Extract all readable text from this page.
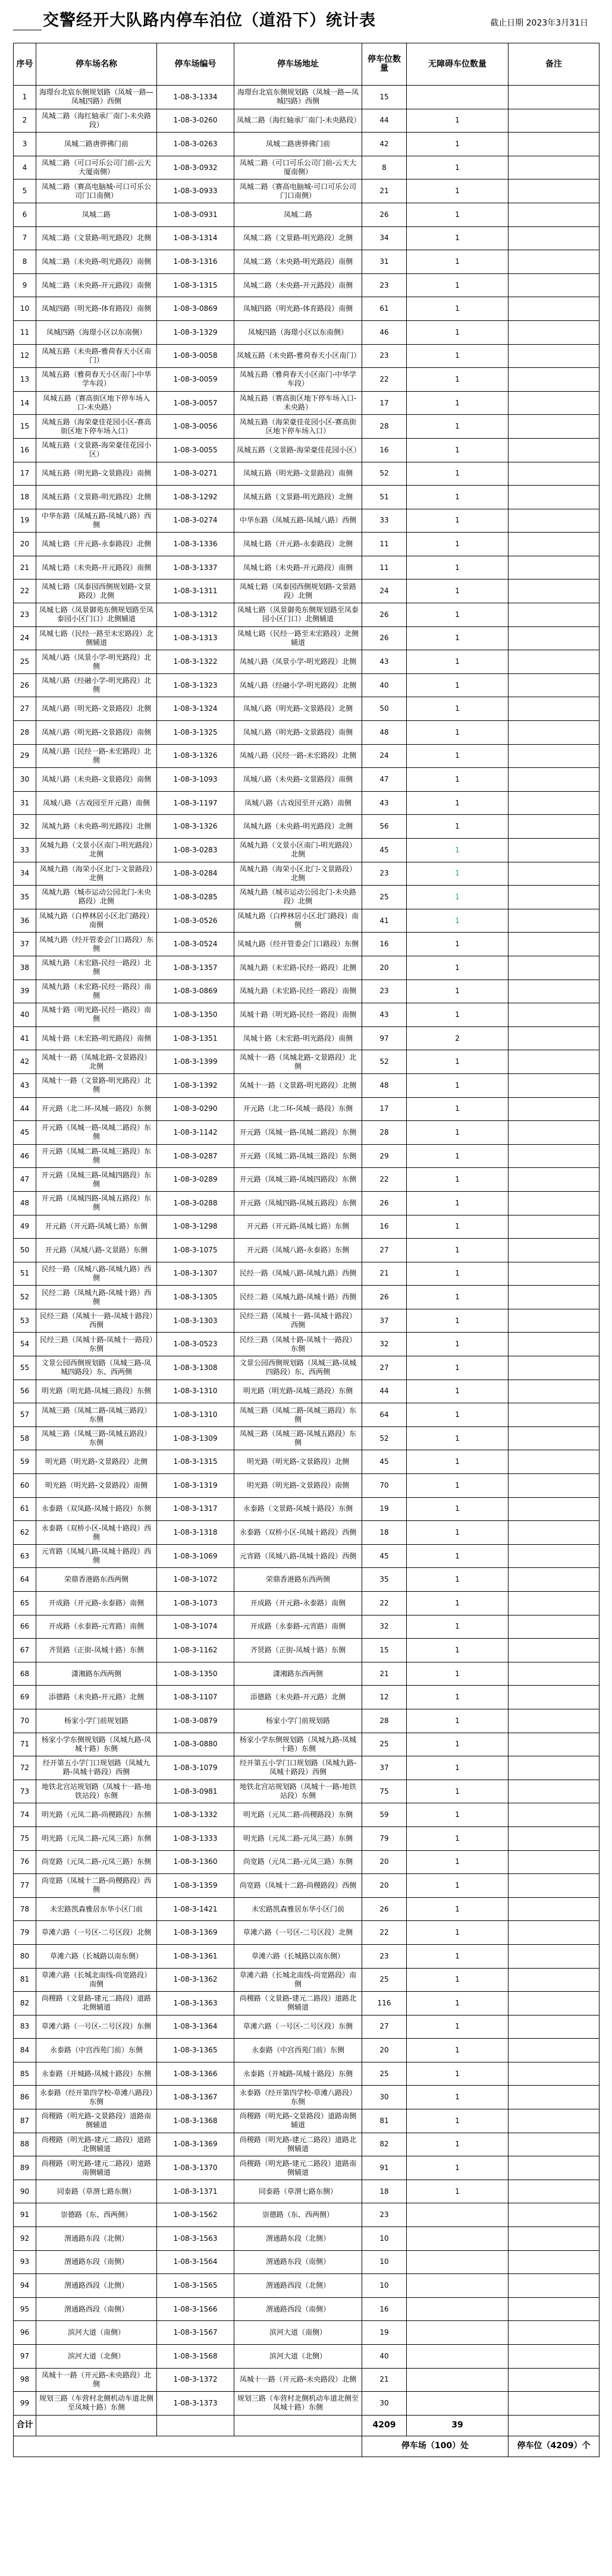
交警经开大队路内停车泊位（道沿下）统计表	截止日期 2023年3月31日
序号	停车场名称	停车场编号	停车场地址	停车位数量	无障碍车位数量	备注
1	海璟台北宸东侧规划路（凤城一路—凤城四路）西侧	1-08-3-1334	海璟台北宸东侧规划路（凤城一路—凤城四路）西侧	15		
2	凤城二路（海红轴承厂南门-未央路段）	1-08-3-0260	凤城二路（海红轴承厂南门-未央路段）	44	1	
3	凤城二路唐骅佛门前	1-08-3-0263	凤城二路唐骅佛门前	42	1	
4	凤城二路（可口可乐公司门前-云天大厦南侧）	1-08-3-0932	凤城二路（可口可乐公司门前-云天大厦南侧）	8	1	
5	凤城二路（赛高电脑城-可口可乐公司门口南侧）	1-08-3-0933	凤城二路（赛高电脑城-可口可乐公司门口南侧）	21	1	
6	凤城二路	1-08-3-0931	凤城二路	26	1	
7	凤城二路（文景路-明光路段）北侧	1-08-3-1314	凤城二路（文景路-明光路段）北侧	34	1	
8	凤城二路（未央路-明光路段）南侧	1-08-3-1316	凤城二路（未央路-明光路段）南侧	31	1	
9	凤城二路（未央路-开元路段）南侧	1-08-3-1315	凤城二路（未央路-开元路段）南侧	23	1	
10	凤城四路（明光路-体育路段）南侧	1-08-3-0869	凤城四路（明光路-体育路段）南侧	61	1	
11	凤城四路（海璟小区以东南侧）	1-08-3-1329	凤城四路（海璟小区以东南侧）	46	1	
12	凤城五路（未央路-雅荷春天小区南门）	1-08-3-0058	凤城五路（未央路-雅荷春天小区南门）	23	1	
13	凤城五路（雅荷春天小区南门-中华学车段）	1-08-3-0059	凤城五路（雅荷春天小区南门-中华学车段）	22	1	
14	凤城五路（赛高街区地下停车场入口-未央路）	1-08-3-0057	凤城五路（赛高街区地下停车场入口-未央路）	17	1	
15	凤城五路（海荣豪佳花园小区-赛高街区地下停车场入口）	1-08-3-0056	凤城五路（海荣豪佳花园小区-赛高街区地下停车场入口）	28	1	
16	凤城五路（文景路-海荣豪佳花园小区）	1-08-3-0055	凤城五路（文景路-海荣豪佳花园小区）	16	1	
17	凤城五路（明光路-文景路段）南侧	1-08-3-0271	凤城五路（明光路-文景路段）南侧	52	1	
18	凤城五路（文景路-明光路段）北侧	1-08-3-1292	凤城五路（文景路-明光路段）北侧	51	1	
19	中华东路（凤城五路-凤城八路）西侧	1-08-3-0274	中华东路（凤城五路-凤城八路）西侧	33	1	
20	凤城七路（开元路-永泰路段）北侧	1-08-3-1336	凤城七路（开元路-永泰路段）北侧	11	1	
21	凤城七路（未央路-开元路段）南侧	1-08-3-1337	凤城七路（未央路-开元路段）南侧	11	1	
22	凤城七路（凤泰园西侧规划路-文景路段）北侧	1-08-3-1311	凤城七路（凤泰园西侧规划路-文景路段）北侧	24	1	
23	凤城七路（凤景御苑东侧规划路至凤泰园小区门口）北侧辅道	1-08-3-1312	凤城七路（凤景御苑东侧规划路至凤泰园小区门口）北侧辅道	26	1	
24	凤城七路（民经一路至未宏路段）北侧辅道	1-08-3-1313	凤城七路（民经一路至未宏路段）北侧辅道	26	1	
25	凤城八路（凤景小学-明光路段）北侧	1-08-3-1322	凤城八路（凤景小学-明光路段）北侧	43	1	
26	凤城八路（经融小学-明光路段）北侧	1-08-3-1323	凤城八路（经融小学-明光路段）北侧	40	1	
27	凤城八路（明光路-文景路段）北侧	1-08-3-1324	凤城八路（明光路-文景路段）北侧	50	1	
28	凤城八路（明光路-文景路段）南侧	1-08-3-1325	凤城八路（明光路-文景路段）南侧	48	1	
29	凤城八路（民经一路-未宏路段）北侧	1-08-3-1326	凤城八路（民经一路-未宏路段）北侧	24	1	
30	凤城八路（未央路-文景路段）南侧	1-08-3-1093	凤城八路（未央路-文景路段）南侧	47	1	
31	凤城八路（古戏园至开元路）南侧	1-08-3-1197	凤城八路（古戏园至开元路）南侧	43	1	
32	凤城九路（未央路-明光路段）北侧	1-08-3-1326	凤城九路（未央路-明光路段）北侧	56	1	
33	凤城九路（文景小区南门-明光路段）北侧	1-08-3-0283	凤城九路（文景小区南门-明光路段）北侧	45	1	
34	凤城九路（海荣小区北门-文景路段）北侧	1-08-3-0284	凤城九路（海荣小区北门-文景路段）北侧	23	1	
35	凤城九路（城市运动公园北门-未央路段）北侧	1-08-3-0285	凤城九路（城市运动公园北门-未央路段）北侧	25	1	
36	凤城九路（白桦林居小区北门路段）南侧	1-08-3-0526	凤城九路（白桦林居小区北门路段）南侧	41	1	
37	凤城九路（经开管委会门口路段）东侧	1-08-3-0524	凤城九路（经开管委会门口路段）东侧	16	1	
38	凤城九路（未宏路-民经一路段）北侧	1-08-3-1357	凤城九路（未宏路-民经一路段）北侧	20	1	
39	凤城九路（未宏路-民经一路段）南侧	1-08-3-0869	凤城九路（未宏路-民经一路段）南侧	23	1	
40	凤城十路（明光路-民经一路段）南侧	1-08-3-1350	凤城十路（明光路-民经一路段）南侧	43	1	
41	凤城十路（未宏路-明光路段）南侧	1-08-3-1351	凤城十路（未宏路-明光路段）南侧	97	2	
42	凤城十一路（凤城北路-文景路段）北侧	1-08-3-1399	凤城十一路（凤城北路-文景路段）北侧	52	1	
43	凤城十一路（文景路-明光路段）北侧	1-08-3-1392	凤城十一路（文景路-明光路段）北侧	48	1	
44	开元路（北二环-凤城一路段）东侧	1-08-3-0290	开元路（北二环-凤城一路段）东侧	17	1	
45	开元路（凤城一路-凤城二路段）东侧	1-08-3-1142	开元路（凤城一路-凤城二路段）东侧	28	1	
46	开元路（凤城二路-凤城三路段）东侧	1-08-3-0287	开元路（凤城二路-凤城三路段）东侧	29	1	
47	开元路（凤城三路-凤城四路段）东侧	1-08-3-0289	开元路（凤城三路-凤城四路段）东侧	22	1	
48	开元路（凤城四路-凤城五路段）东侧	1-08-3-0288	开元路（凤城四路-凤城五路段）东侧	26	1	
49	开元路（开元路-凤城七路）东侧	1-08-3-1298	开元路（开元路-凤城七路）东侧	16	1	
50	开元路（凤城八路-文景路）东侧	1-08-3-1075	开元路（凤城八路-永泰路）东侧	27	1	
51	民经一路（凤城八路-凤城九路）西侧	1-08-3-1307	民经一路（凤城八路-凤城九路）西侧	21	1	
52	民经二路（凤城九路-凤城十路）西侧	1-08-3-1305	民经二路（凤城九路-凤城十路）西侧	26	1	
53	民经三路（凤城十一路-凤城十路段）西侧	1-08-3-1303	民经三路（凤城十一路-凤城十路段）西侧	37	1	
54	民经三路（凤城十路-凤城十一路段）东侧	1-08-3-0523	民经三路（凤城十路-凤城十一路段）东侧	32	1	
55	文景公园西侧规划路（凤城三路-凤城四路段）东、西两侧	1-08-3-1308	文景公园西侧规划路（凤城三路-凤城四路段）东、西两侧	27	1	
56	明光路（明光路-凤城三路段）东侧	1-08-3-1310	明光路（明光路-凤城三路段）东侧	44	1	
57	凤城三路（凤城二路-凤城三路段）东侧	1-08-3-1310	凤城三路（凤城二路-凤城三路段）东侧	64	1	
58	凤城三路（凤城三路-凤城五路段）东侧	1-08-3-1309	凤城三路（凤城三路-凤城五路段）东侧	52	1	
59	明光路（明光路-文景路段）北侧	1-08-3-1315	明光路（明光路-文景路段）北侧	45	1	
60	明光路（明光路-文景路段）南侧	1-08-3-1319	明光路（明光路-文景路段）南侧	70	1	
61	永泰路（双凤路-凤城十路段）东侧	1-08-3-1317	永泰路（文景路-凤城十路段）东侧	19	1	
62	永泰路（双桥小区-凤城十路段）西侧	1-08-3-1318	永泰路（双桥小区-凤城十路段）西侧	18	1	
63	元宵路（凤城八路-凤城十路段）西侧	1-08-3-1069	元宵路（凤城八路-凤城十路段）西侧	45	1	
64	荣鼎香港路东西两侧	1-08-3-1072	荣鼎香港路东西两侧	35	1	
65	开成路（开元路-永泰路）南侧	1-08-3-1073	开成路（开元路-永泰路）南侧	22	1	
66	开成路（永泰路-元宵路）南侧	1-08-3-1074	开成路（永泰路-元宵路）南侧	32	1	
67	齐贤路（正街-凤城十路）东侧	1-08-3-1162	齐贤路（正街-凤城十路）东侧	15	1	
68	潇湘路东西两侧	1-08-3-1350	潇湘路东西两侧	21	1	
69	添德路（未央路-开元路）北侧	1-08-3-1107	添德路（未央路-开元路）北侧	12	1	
70	杨家小学门前规划路	1-08-3-0879	杨家小学门前规划路	28	1	
71	杨家小学东侧规划路（凤城九路-凤城十路）东侧	1-08-3-0880	杨家小学东侧规划路（凤城九路-凤城十路）东侧	25	1	
72	经开第五小学门口规划路（凤城九路-凤城十路段）西侧	1-08-3-1079	经开第五小学门口规划路（凤城九路-凤城十路段）西侧	37	1	
73	地铁北宫站规划路（凤城十一路-地铁站段）东侧	1-08-3-0981	地铁北宫站规划路（凤城十一路-地铁站段）东侧	75	1	
74	明光路（元凤二路-尚稷路段）东侧	1-08-3-1332	明光路（元凤二路-尚稷路段）东侧	59	1	
75	明光路（元凤二路-元凤三路）东侧	1-08-3-1333	明光路（元凤二路-元凤三路）东侧	79	1	
76	尚宽路（元凤二路-元凤三路）东侧	1-08-3-1360	尚宽路（元凤二路-元凤三路）东侧	20	1	
77	尚宽路（凤城十二路-尚稷路段）西侧	1-08-3-1359	尚宽路（凤城十二路-尚稷路段）西侧	20	1	
78	未宏路凯森雅居东华小区门前	1-08-3-1421	未宏路凯森雅居东华小区门前	26	1	
79	草滩六路（一号区-二号区段）北侧	1-08-3-1369	草滩六路（一号区-二号区段）北侧	22	1	
80	草滩六路（长城路以南东侧）	1-08-3-1361	草滩六路（长城路以南东侧）	23	1	
81	草滩六路（长城北南线-尚宽路段）南侧	1-08-3-1362	草滩六路（长城北南线-尚宽路段）南侧	25	1	
82	尚稷路（文景路-建元二路段）道路北侧辅道	1-08-3-1363	尚稷路（文景路-建元二路段）道路北侧辅道	116	1	
83	草滩六路（一号区-二号区段）东侧	1-08-3-1364	草滩六路（一号区-二号区段）东侧	27	1	
84	永泰路（中宫西苑门前）东侧	1-08-3-1365	永泰路（中宫西苑门前）东侧	20	1	
85	永泰路（开城路-凤城十路段）东侧	1-08-3-1366	永泰路（开城路-凤城十路段）东侧	25	1	
86	永泰路（经开第四学校-草滩八路段）东侧	1-08-3-1367	永泰路（经开第四学校-草滩八路段）东侧	30	1	
87	尚稷路（明光路-文景路段）道路南侧辅道	1-08-3-1368	尚稷路（明光路-文景路段）道路南侧辅道	81	1	
88	尚稷路（明光路-建元二路段）道路北侧辅道	1-08-3-1369	尚稷路（明光路-建元二路段）道路北侧辅道	82	1	
89	尚稷路（明光路-建元二路段）道路南侧辅道	1-08-3-1370	尚稷路（明光路-建元二路段）道路南侧辅道	91	1	
90	同泰路（草渭七路东侧）	1-08-3-1371	同泰路（草渭七路东侧）	18	1	
91	崇德路（东、西两侧）	1-08-3-1562	崇德路（东、西两侧）	23		
92	渭通路东段（北侧）	1-08-3-1563	渭通路东段（北侧）	10		
93	渭通路东段（南侧）	1-08-3-1564	渭通路东段（南侧）	10		
94	渭通路西段（北侧）	1-08-3-1565	渭通路西段（北侧）	10		
95	渭通路西段（南侧）	1-08-3-1566	渭通路西段（南侧）	16		
96	滨河大道（南侧）	1-08-3-1567	滨河大道（南侧）	19		
97	滨河大道（北侧）	1-08-3-1568	滨河大道（北侧）	40		
98	凤城十一路（开元路-未央路段）北侧	1-08-3-1372	凤城十一路（开元路-未央路段）北侧	21		
99	规划三路（车营村北侧机动车道北侧至凤城十路）东侧	1-08-3-1373	规划三路（车营村北侧机动车道北侧至凤城十路）东侧	30		
合计				4209	39	
				停车场（100）处		停车位（4209）个
